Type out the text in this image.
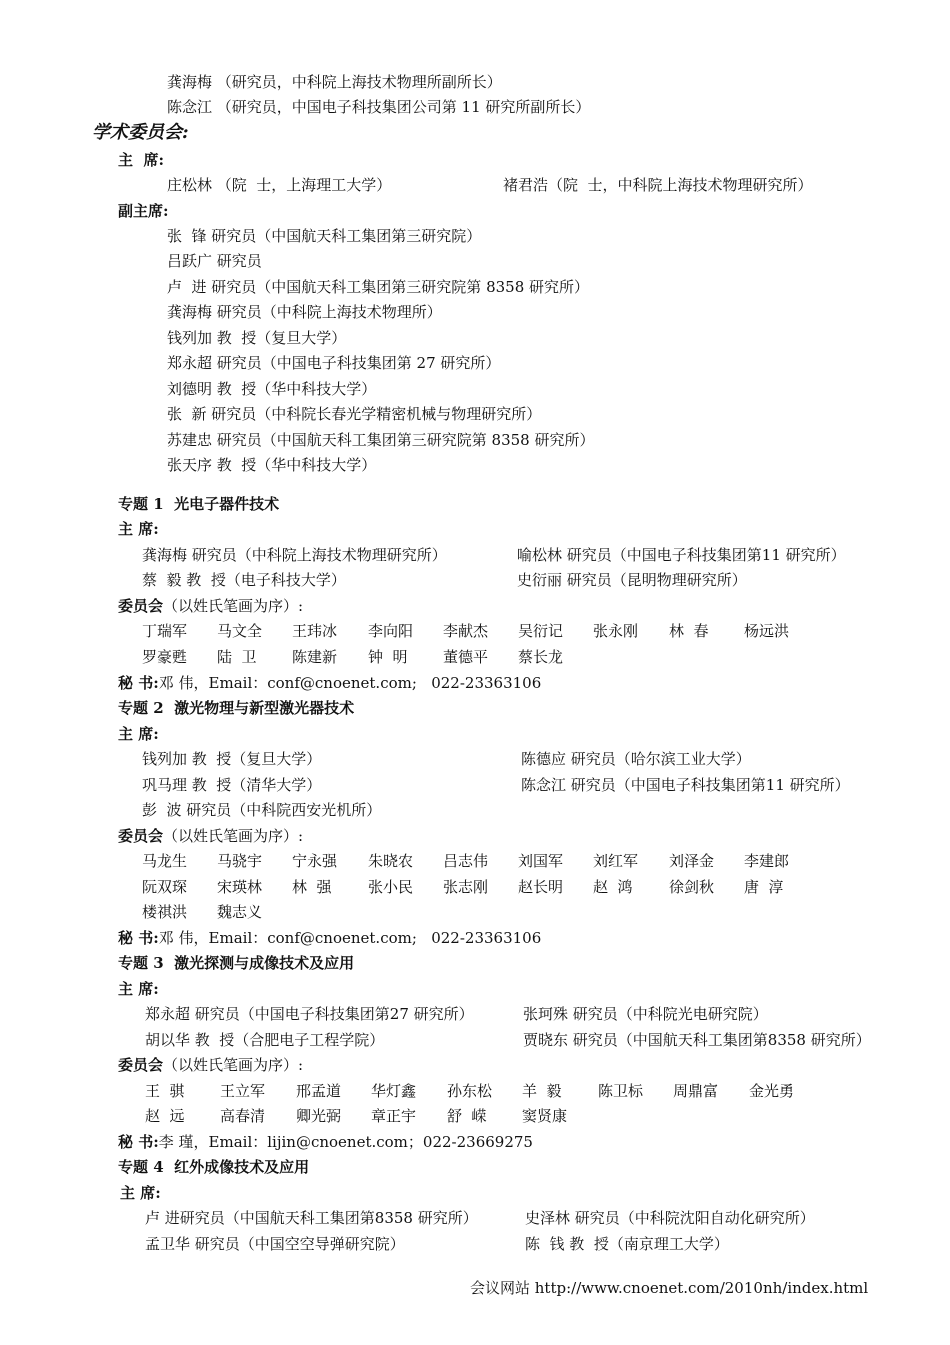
龚海梅 （研究员，中科院上海技术物理所副所长）
陈念江 （研究员，中国电子科技集团公司第 11 研究所副所长）
学术委员会:
主  席:
庄松林 （院  士，上海理工大学）	褚君浩（院  士，中科院上海技术物理研究所）
副主席:
张  锋 研究员（中国航天科工集团第三研究院）
吕跃广 研究员
卢  进 研究员（中国航天科工集团第三研究院第 8358 研究所）
龚海梅 研究员（中科院上海技术物理所）
钱列加 教  授（复旦大学）
郑永超 研究员（中国电子科技集团第 27 研究所）
刘德明 教  授（华中科技大学）
张  新 研究员（中科院长春光学精密机械与物理研究所）
苏建忠 研究员（中国航天科工集团第三研究院第 8358 研究所）
张天序 教  授（华中科技大学）
专题 1  光电子器件技术
主 席:
龚海梅 研究员（中科院上海技术物理研究所）	喻松林 研究员（中国电子科技集团第11 研究所）
蔡  毅 教  授（电子科技大学）	史衍丽 研究员（昆明物理研究所）
委员会（以姓氏笔画为序）:
丁瑞军 马文全 王玮冰 李向阳 李献杰 吴衍记 张永刚 林  春 杨远洪
罗豪甦 陆  卫 陈建新 钟  明 董德平 蔡长龙
秘 书:邓 伟，Email：conf@cnoenet.com;   022-23363106
专题 2  激光物理与新型激光器技术
主 席:
钱列加 教  授（复旦大学）	陈德应 研究员（哈尔滨工业大学）
巩马理 教  授（清华大学）	陈念江 研究员（中国电子科技集团第11 研究所）
彭  波 研究员（中科院西安光机所）
委员会（以姓氏笔画为序）:
马龙生 马骁宇 宁永强 朱晓农 吕志伟 刘国军 刘红军 刘泽金 李建郎
阮双琛 宋瑛林 林  强 张小民 张志刚 赵长明 赵  鸿 徐剑秋 唐  淳
楼祺洪 魏志义
秘 书:邓 伟，Email：conf@cnoenet.com;   022-23363106
专题 3  激光探测与成像技术及应用
主 席:
郑永超 研究员（中国电子科技集团第27 研究所）	张珂殊 研究员（中科院光电研究院）
胡以华 教  授（合肥电子工程学院）	贾晓东 研究员（中国航天科工集团第8358 研究所）
委员会（以姓氏笔画为序）:
王  骐 王立军 邢孟道 华灯鑫 孙东松 羊  毅 陈卫标 周鼎富 金光勇
赵  远 高春清 卿光弼 章正宇 舒  嵘 窦贤康
秘 书:李 瑾，Email：lijin@cnoenet.com；022-23669275
专题 4  红外成像技术及应用
主 席:
卢 进研究员（中国航天科工集团第8358 研究所）	史泽林 研究员（中科院沈阳自动化研究所）
孟卫华 研究员（中国空空导弹研究院）	陈  钱 教  授（南京理工大学）
会议网站 http://www.cnoenet.com/2010nh/index.html
